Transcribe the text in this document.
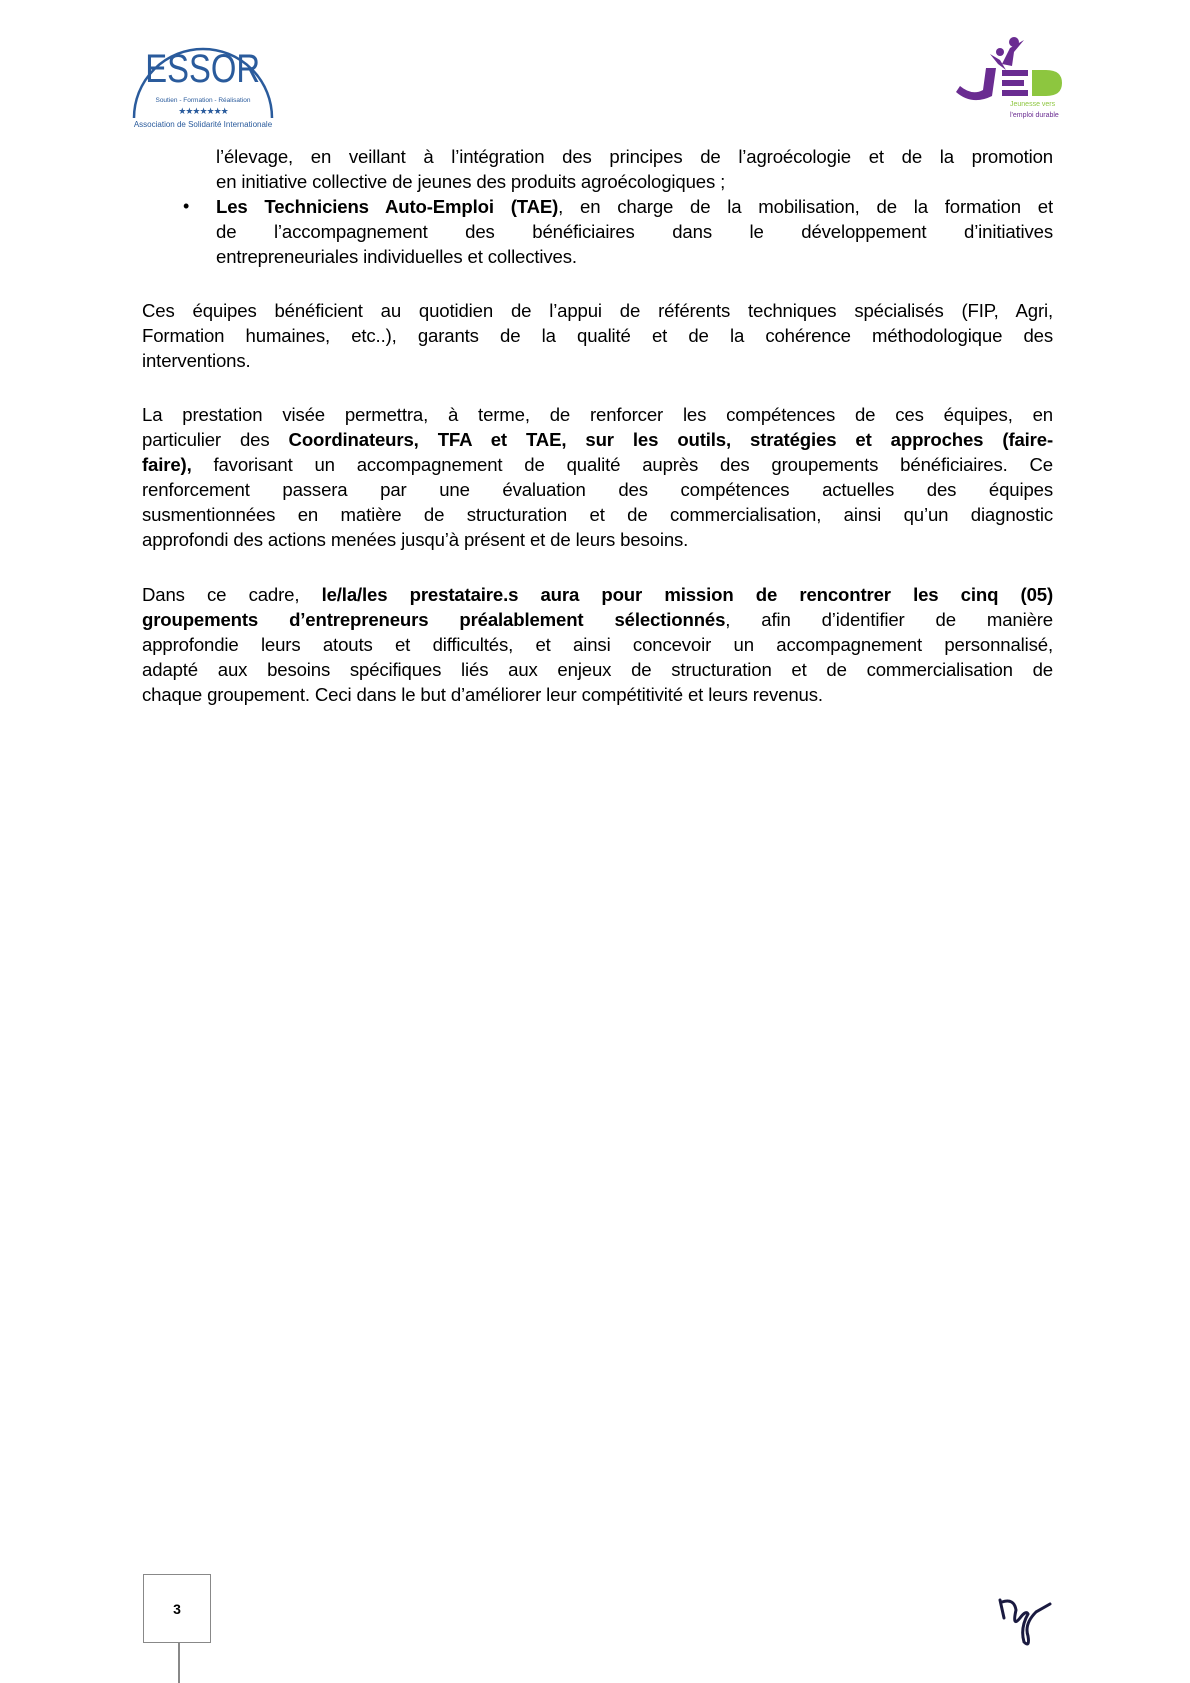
ESSOR
Soutien - Formation - Réalisation
★★★★★★★
Association de Solidarité Internationale
Jeunesse vers
l'emploi durable
l’élevage, en veillant à l’intégration des principes de l’agroécologie et de la promotion
en initiative collective de jeunes des produits agroécologiques ;
• Les Techniciens Auto-Emploi (TAE), en charge de la mobilisation, de la formation et
de l’accompagnement des bénéficiaires dans le développement d’initiatives
entrepreneuriales individuelles et collectives.
Ces équipes bénéficient au quotidien de l’appui de référents techniques spécialisés (FIP, Agri,
Formation humaines, etc..), garants de la qualité et de la cohérence méthodologique des
interventions.
La prestation visée permettra, à terme, de renforcer les compétences de ces équipes, en
particulier des Coordinateurs, TFA et TAE, sur les outils, stratégies et approches (faire-
faire), favorisant un accompagnement de qualité auprès des groupements bénéficiaires. Ce
renforcement passera par une évaluation des compétences actuelles des équipes
susmentionnées en matière de structuration et de commercialisation, ainsi qu’un diagnostic
approfondi des actions menées jusqu’à présent et de leurs besoins.
Dans ce cadre, le/la/les prestataire.s aura pour mission de rencontrer les cinq (05)
groupements d’entrepreneurs préalablement sélectionnés, afin d’identifier de manière
approfondie leurs atouts et difficultés, et ainsi concevoir un accompagnement personnalisé,
adapté aux besoins spécifiques liés aux enjeux de structuration et de commercialisation de
chaque groupement. Ceci dans le but d’améliorer leur compétitivité et leurs revenus.
3
